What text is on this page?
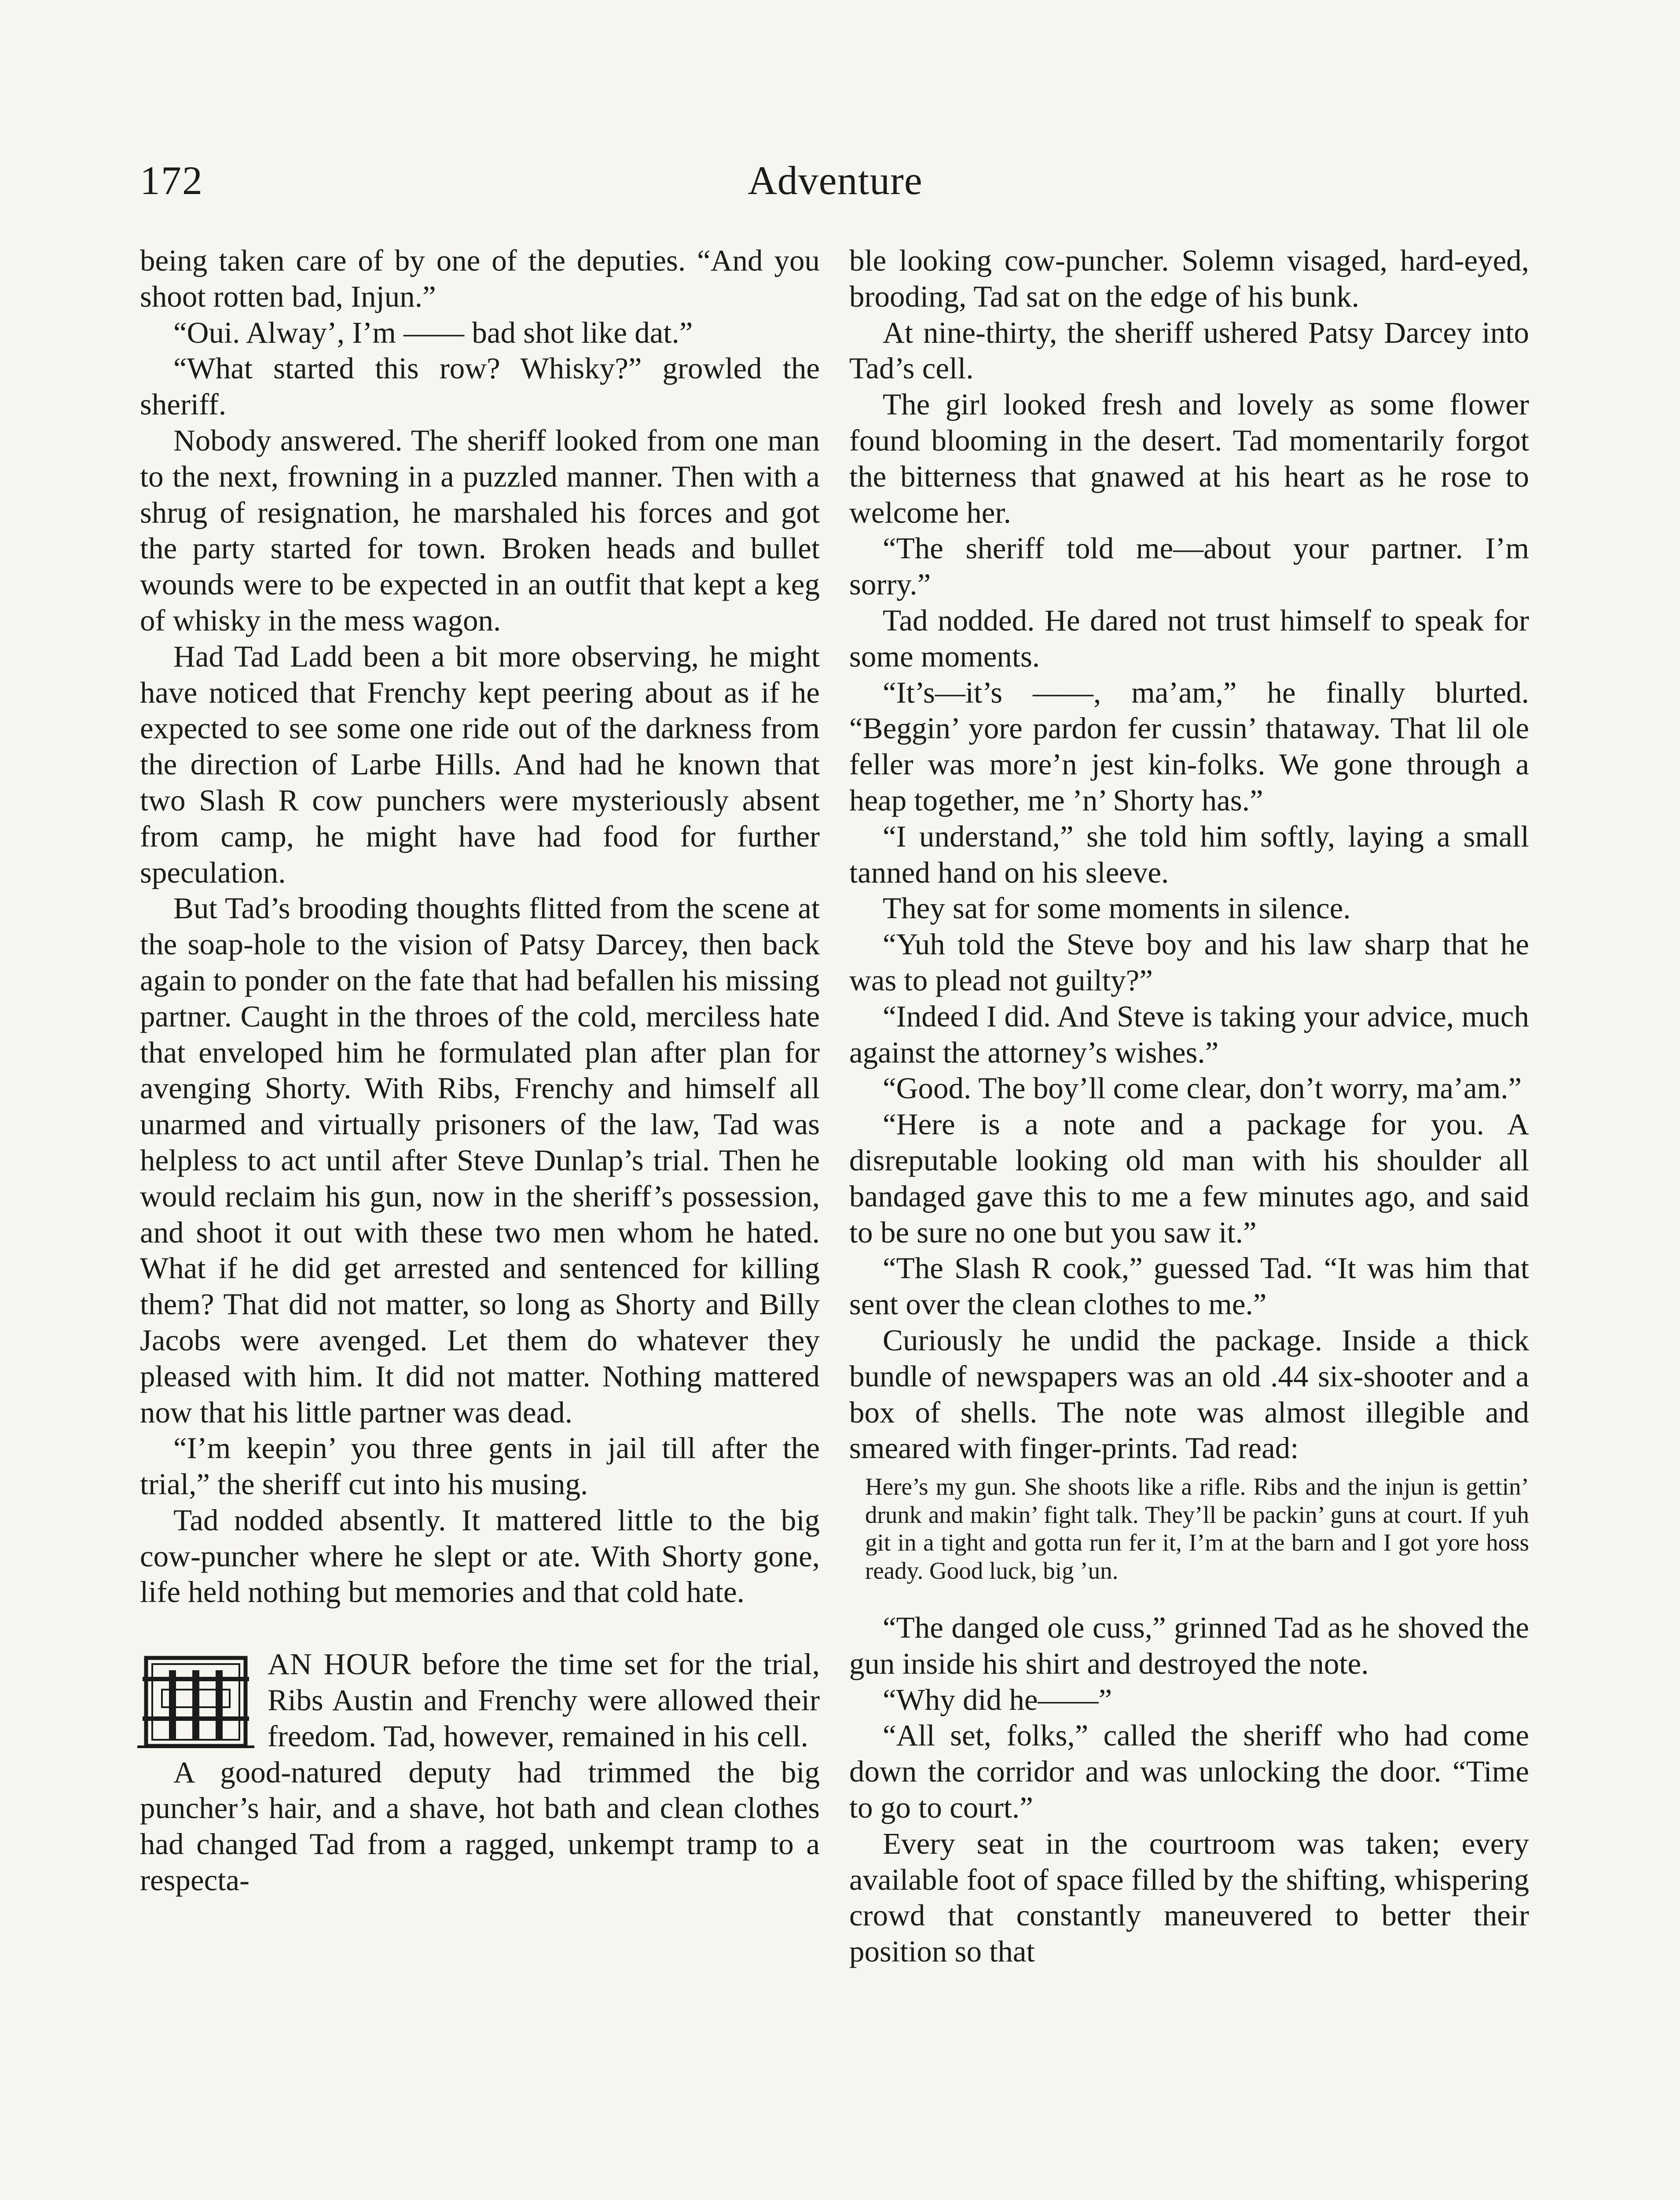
172	Adventure

being taken care of by one of the deputies. “And you shoot rotten bad, Injun.”

“Oui. Alway’, I’m —— bad shot like dat.”

“What started this row? Whisky?” growled the sheriff.

Nobody answered. The sheriff looked from one man to the next, frowning in a puzzled manner. Then with a shrug of resignation, he marshaled his forces and got the party started for town. Broken heads and bullet wounds were to be expected in an outfit that kept a keg of whisky in the mess wagon.

Had Tad Ladd been a bit more observing, he might have noticed that Frenchy kept peering about as if he expected to see some one ride out of the darkness from the direction of Larbe Hills. And had he known that two Slash R cow punchers were mysteriously absent from camp, he might have had food for further speculation.

But Tad’s brooding thoughts flitted from the scene at the soap-hole to the vision of Patsy Darcey, then back again to ponder on the fate that had befallen his missing partner. Caught in the throes of the cold, merciless hate that enveloped him he formulated plan after plan for avenging Shorty. With Ribs, Frenchy and himself all unarmed and virtually prisoners of the law, Tad was helpless to act until after Steve Dunlap’s trial. Then he would reclaim his gun, now in the sheriff’s possession, and shoot it out with these two men whom he hated. What if he did get arrested and sentenced for killing them? That did not matter, so long as Shorty and Billy Jacobs were avenged. Let them do whatever they pleased with him. It did not matter. Nothing mattered now that his little partner was dead.

“I’m keepin’ you three gents in jail till after the trial,” the sheriff cut into his musing.

Tad nodded absently. It mattered little to the big cow-puncher where he slept or ate. With Shorty gone, life held nothing but memories and that cold hate.

AN HOUR before the time set for the trial, Ribs Austin and Frenchy were allowed their freedom. Tad, however, remained in his cell.

A good-natured deputy had trimmed the big puncher’s hair, and a shave, hot bath and clean clothes had changed Tad from a ragged, unkempt tramp to a respecta-

ble looking cow-puncher. Solemn visaged, hard-eyed, brooding, Tad sat on the edge of his bunk.

At nine-thirty, the sheriff ushered Patsy Darcey into Tad’s cell.

The girl looked fresh and lovely as some flower found blooming in the desert. Tad momentarily forgot the bitterness that gnawed at his heart as he rose to welcome her.

“The sheriff told me—about your partner. I’m sorry.”

Tad nodded. He dared not trust himself to speak for some moments.

“It’s—it’s ——, ma’am,” he finally blurted. “Beggin’ yore pardon fer cussin’ thataway. That lil ole feller was more’n jest kin-folks. We gone through a heap together, me ’n’ Shorty has.”

“I understand,” she told him softly, laying a small tanned hand on his sleeve.

They sat for some moments in silence.

“Yuh told the Steve boy and his law sharp that he was to plead not guilty?”

“Indeed I did. And Steve is taking your advice, much against the attorney’s wishes.”

“Good. The boy’ll come clear, don’t worry, ma’am.”

“Here is a note and a package for you. A disreputable looking old man with his shoulder all bandaged gave this to me a few minutes ago, and said to be sure no one but you saw it.”

“The Slash R cook,” guessed Tad. “It was him that sent over the clean clothes to me.”

Curiously he undid the package. Inside a thick bundle of newspapers was an old .44 six-shooter and a box of shells. The note was almost illegible and smeared with finger-prints. Tad read:

Here’s my gun. She shoots like a rifle. Ribs and the injun is gettin’ drunk and makin’ fight talk. They’ll be packin’ guns at court. If yuh git in a tight and gotta run fer it, I’m at the barn and I got yore hoss ready. Good luck, big ’un.

“The danged ole cuss,” grinned Tad as he shoved the gun inside his shirt and destroyed the note.

“Why did he——”

“All set, folks,” called the sheriff who had come down the corridor and was unlocking the door. “Time to go to court.”

Every seat in the courtroom was taken; every available foot of space filled by the shifting, whispering crowd that constantly maneuvered to better their position so that
